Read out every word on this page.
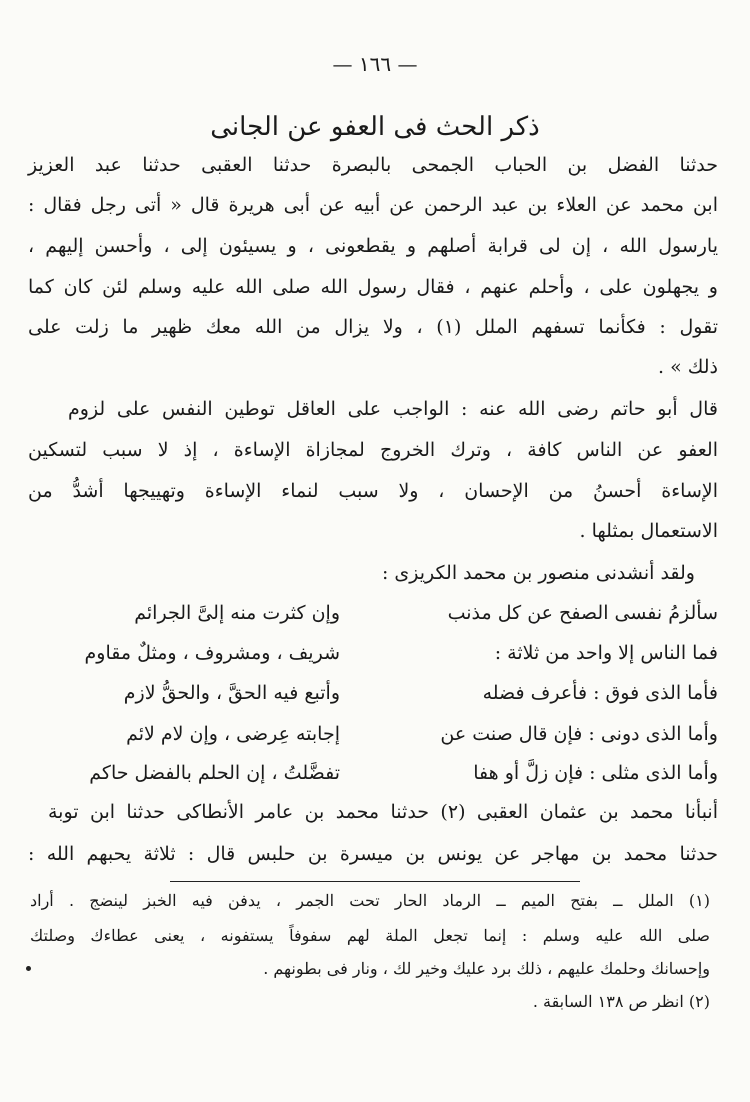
— ١٦٦ —
ذكر الحث فى العفو عن الجانى
حدثنا الفضل بن الحباب الجمحى بالبصرة حدثنا العقبى حدثنا عبد العزيز
ابن محمد عن العلاء بن عبد الرحمن عن أبيه عن أبى هريرة قال « أتى رجل فقال :
يارسول الله ، إن لى قرابة أصلهم و يقطعونى ، و يسيئون إلى ، وأحسن إليهم ،
و يجهلون على ، وأحلم عنهم ، فقال رسول الله صلى الله عليه وسلم لئن كان كما
تقول : فكأنما تسفهم الملل (١) ، ولا يزال من الله معك ظهير ما زلت على
ذلك » .
قال أبو حاتم رضى الله عنه : الواجب على العاقل توطين النفس على لزوم
العفو عن الناس كافة ، وترك الخروج لمجازاة الإساءة ، إذ لا سبب لتسكين
الإساءة أحسنُ من الإحسان ، ولا سبب لنماء الإساءة وتهييجها أشدُّ من
الاستعمال بمثلها .
ولقد أنشدنى منصور بن محمد الكريزى :
سألزمُ نفسى الصفح عن كل مذنب
وإن كثرت منه إلىَّ الجرائم
فما الناس إلا واحد من ثلاثة :
شريف ، ومشروف ، ومثلٌ مقاوم
فأما الذى فوق : فأعرف فضله
وأتبع فيه الحقَّ ، والحقُّ لازم
وأما الذى دونى : فإن قال صنت عن
إجابته عِرضى ، وإن لام لائم
وأما الذى مثلى : فإن زلَّ أو هفا
تفضَّلتُ ، إن الحلم بالفضل حاكم
أنبأنا محمد بن عثمان العقبى (٢) حدثنا محمد بن عامر الأنطاكى حدثنا ابن توبة
حدثنا محمد بن مهاجر عن يونس بن ميسرة بن حلبس قال : ثلاثة يحبهم الله :
(١) الملل ــ بفتح الميم ــ الرماد الحار تحت الجمر ، يدفن فيه الخبز لينضج . أراد
صلى الله عليه وسلم : إنما تجعل الملة لهم سفوفاً يستفونه ، يعنى عطاءك وصلتك
وإحسانك وحلمك عليهم ، ذلك برد عليك وخير لك ، ونار فى بطونهم .
(٢) انظر ص ١٣٨ السابقة .
